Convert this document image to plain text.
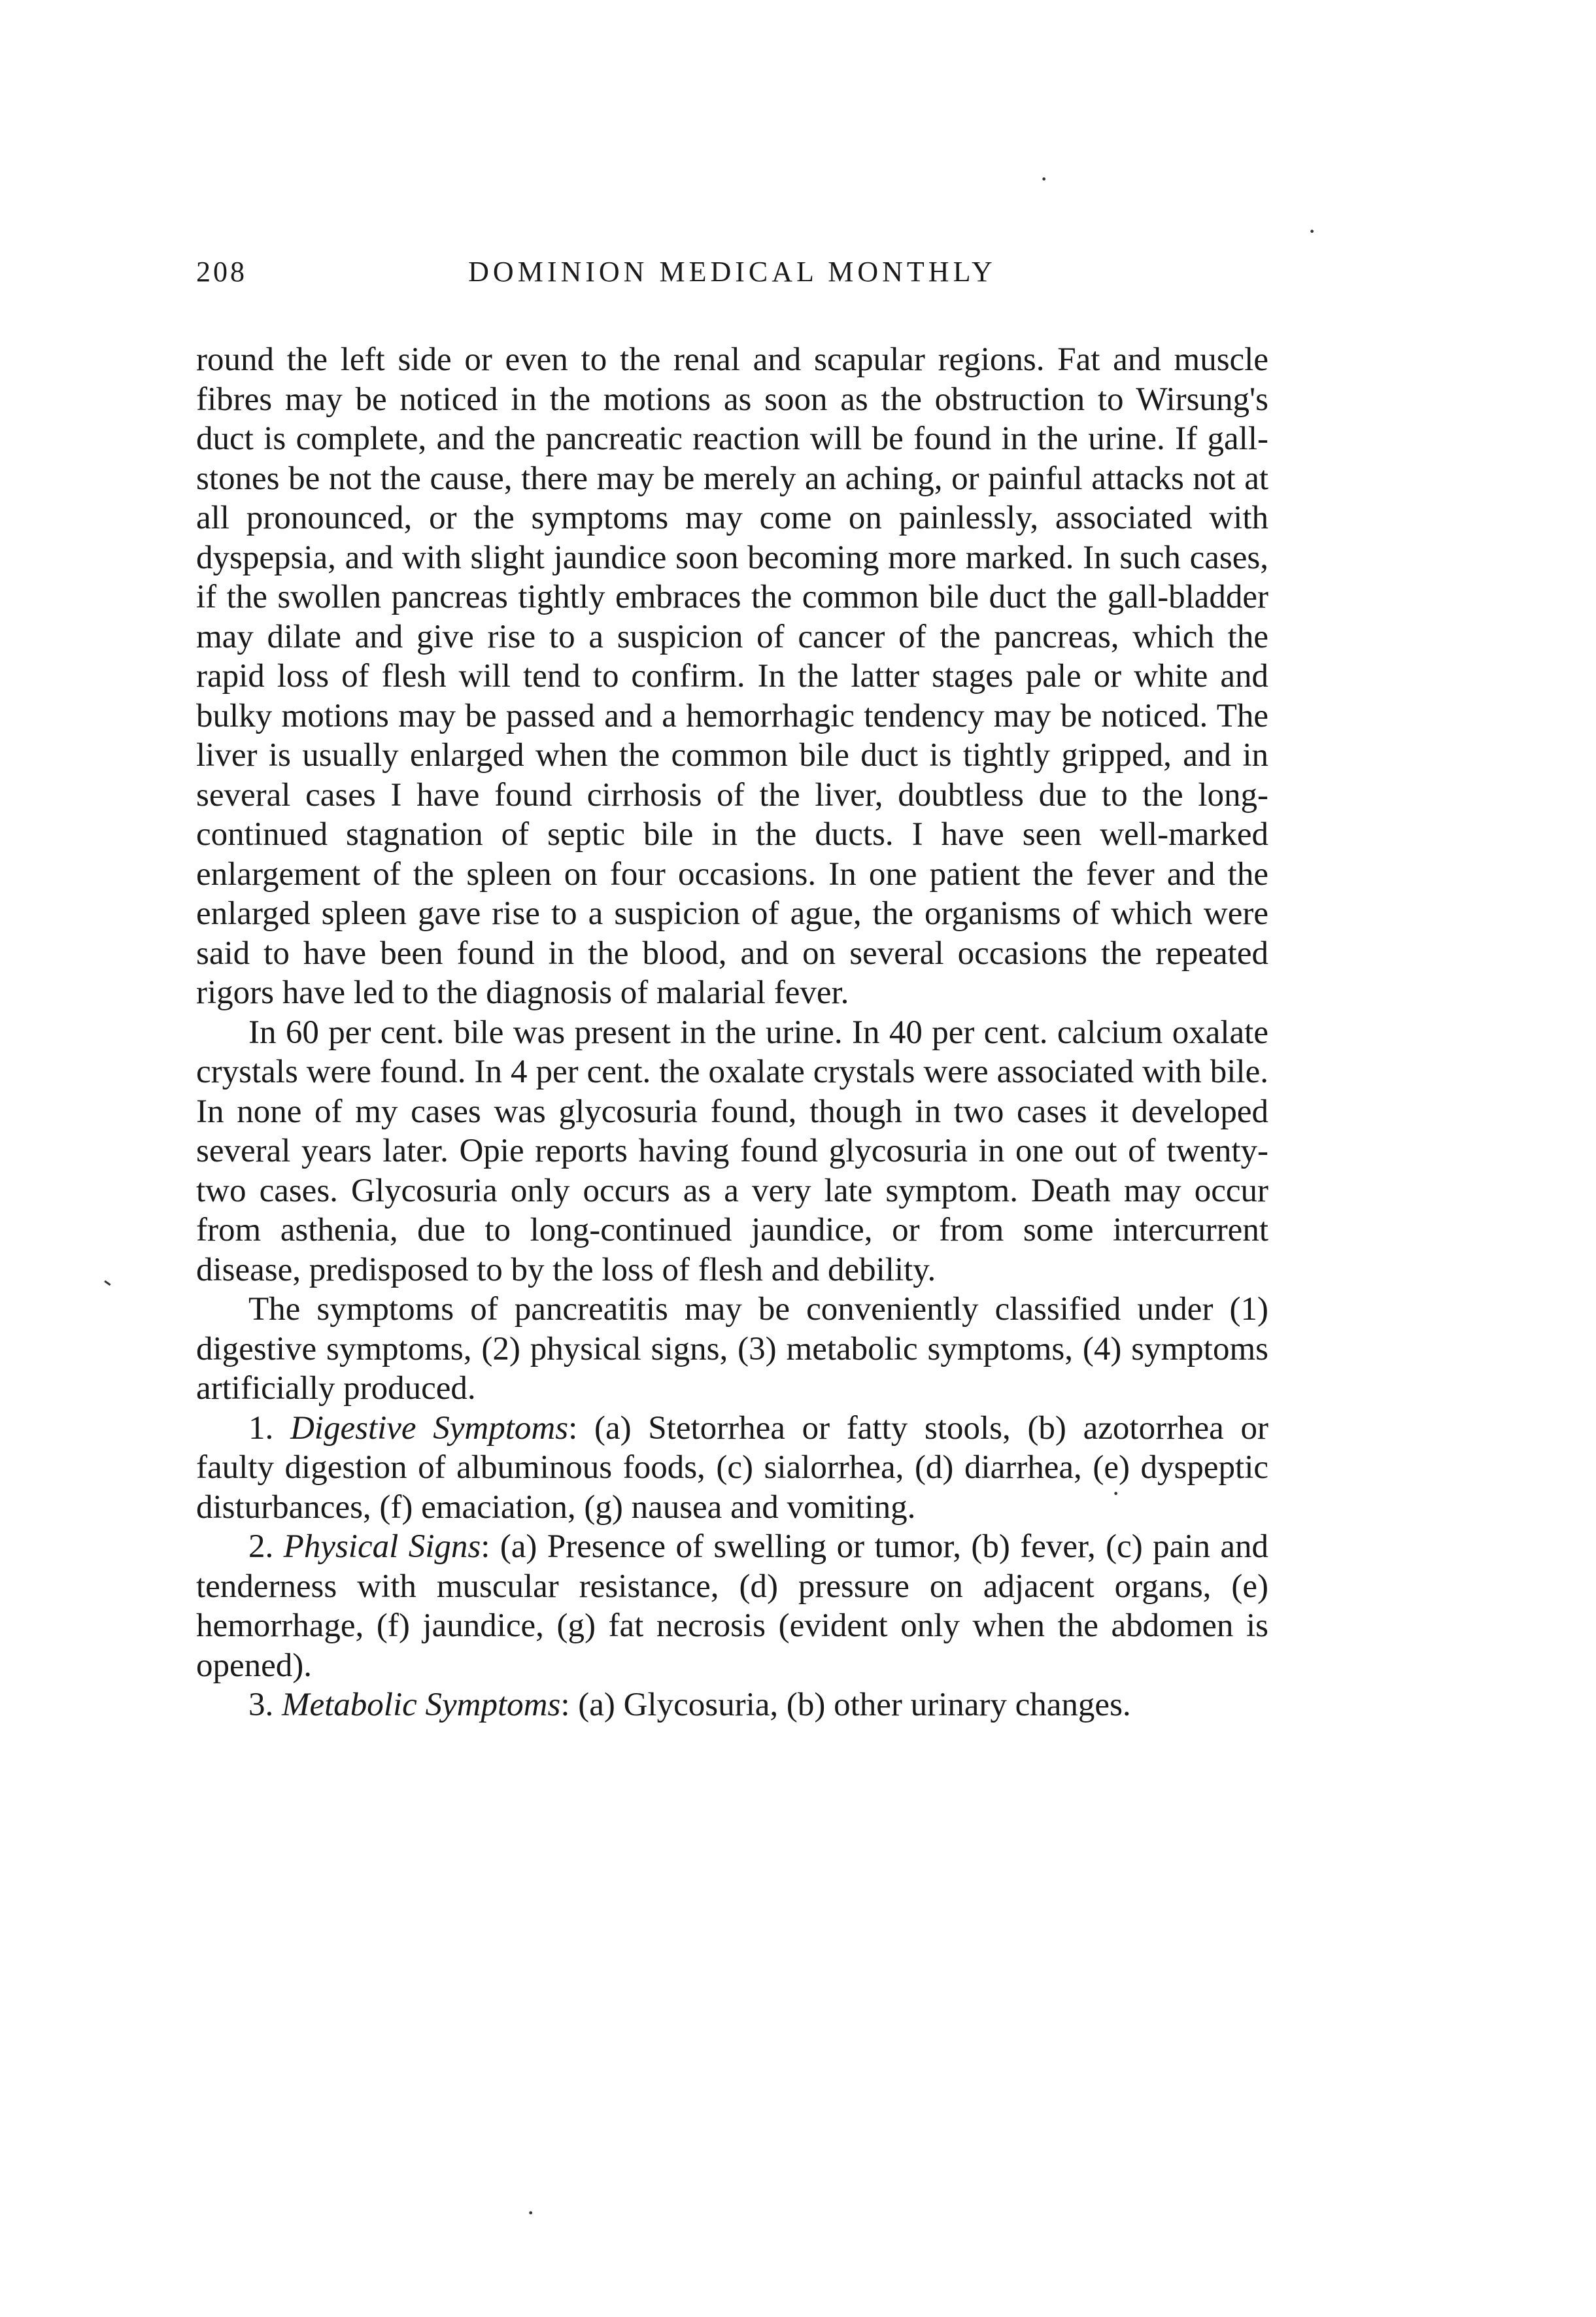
·
·
-
·
·
208	DOMINION MEDICAL MONTHLY

round the left side or even to the renal and scapular regions. Fat and muscle fibres may be noticed in the motions as soon as the obstruction to Wirsung's duct is complete, and the pancreatic reaction will be found in the urine. If gall-stones be not the cause, there may be merely an aching, or painful attacks not at all pronounced, or the symptoms may come on painlessly, associated with dyspepsia, and with slight jaundice soon becoming more marked. In such cases, if the swollen pancreas tightly embraces the common bile duct the gall-bladder may dilate and give rise to a suspicion of cancer of the pancreas, which the rapid loss of flesh will tend to confirm. In the latter stages pale or white and bulky motions may be passed and a hemorrhagic tendency may be noticed. The liver is usually enlarged when the common bile duct is tightly gripped, and in several cases I have found cirrhosis of the liver, doubtless due to the long-continued stagnation of septic bile in the ducts. I have seen well-marked enlargement of the spleen on four occasions. In one patient the fever and the enlarged spleen gave rise to a suspicion of ague, the organisms of which were said to have been found in the blood, and on several occasions the repeated rigors have led to the diagnosis of malarial fever.

In 60 per cent. bile was present in the urine. In 40 per cent. calcium oxalate crystals were found. In 4 per cent. the oxalate crystals were associated with bile. In none of my cases was glycosuria found, though in two cases it developed several years later. Opie reports having found glycosuria in one out of twenty-two cases. Glycosuria only occurs as a very late symptom. Death may occur from asthenia, due to long-continued jaundice, or from some intercurrent disease, predisposed to by the loss of flesh and debility.

The symptoms of pancreatitis may be conveniently classified under (1) digestive symptoms, (2) physical signs, (3) metabolic symptoms, (4) symptoms artificially produced.

1. Digestive Symptoms: (a) Stetorrhea or fatty stools, (b) azotorrhea or faulty digestion of albuminous foods, (c) sialorrhea, (d) diarrhea, (e) dyspeptic disturbances, (f) emaciation, (g) nausea and vomiting.

2. Physical Signs: (a) Presence of swelling or tumor, (b) fever, (c) pain and tenderness with muscular resistance, (d) pressure on adjacent organs, (e) hemorrhage, (f) jaundice, (g) fat necrosis (evident only when the abdomen is opened).

3. Metabolic Symptoms: (a) Glycosuria, (b) other urinary changes.
